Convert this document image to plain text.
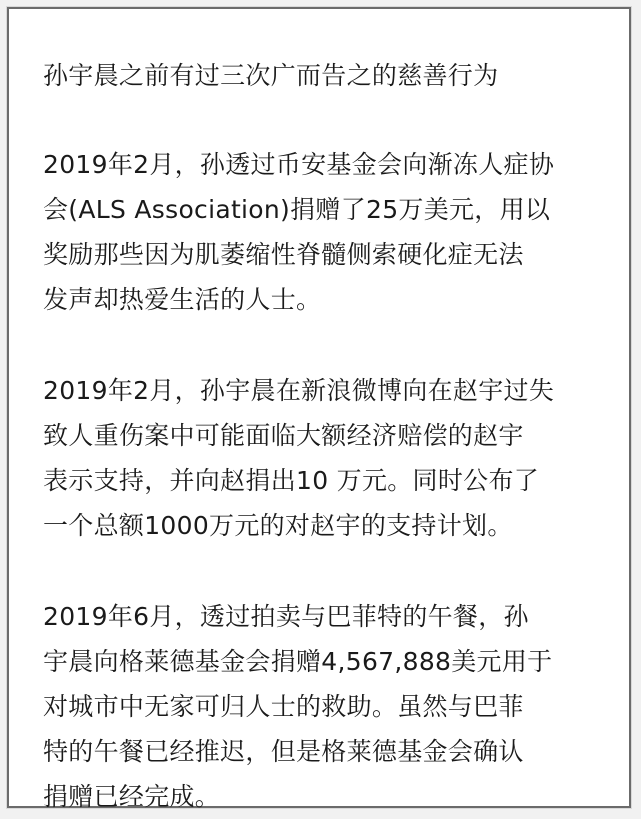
孙宇晨之前有过三次广而告之的慈善行为
2019年2月，孙透过币安基金会向渐冻人症协
会(ALS Association)捐赠了25万美元，用以
奖励那些因为肌萎缩性脊髓侧索硬化症无法
发声却热爱生活的人士。
2019年2月，孙宇晨在新浪微博向在赵宇过失
致人重伤案中可能面临大额经济赔偿的赵宇
表示支持，并向赵捐出10 万元。同时公布了
一个总额1000万元的对赵宇的支持计划。
2019年6月，透过拍卖与巴菲特的午餐，孙
宇晨向格莱德基金会捐赠4,567,888美元用于
对城市中无家可归人士的救助。虽然与巴菲
特的午餐已经推迟，但是格莱德基金会确认
捐赠已经完成。
